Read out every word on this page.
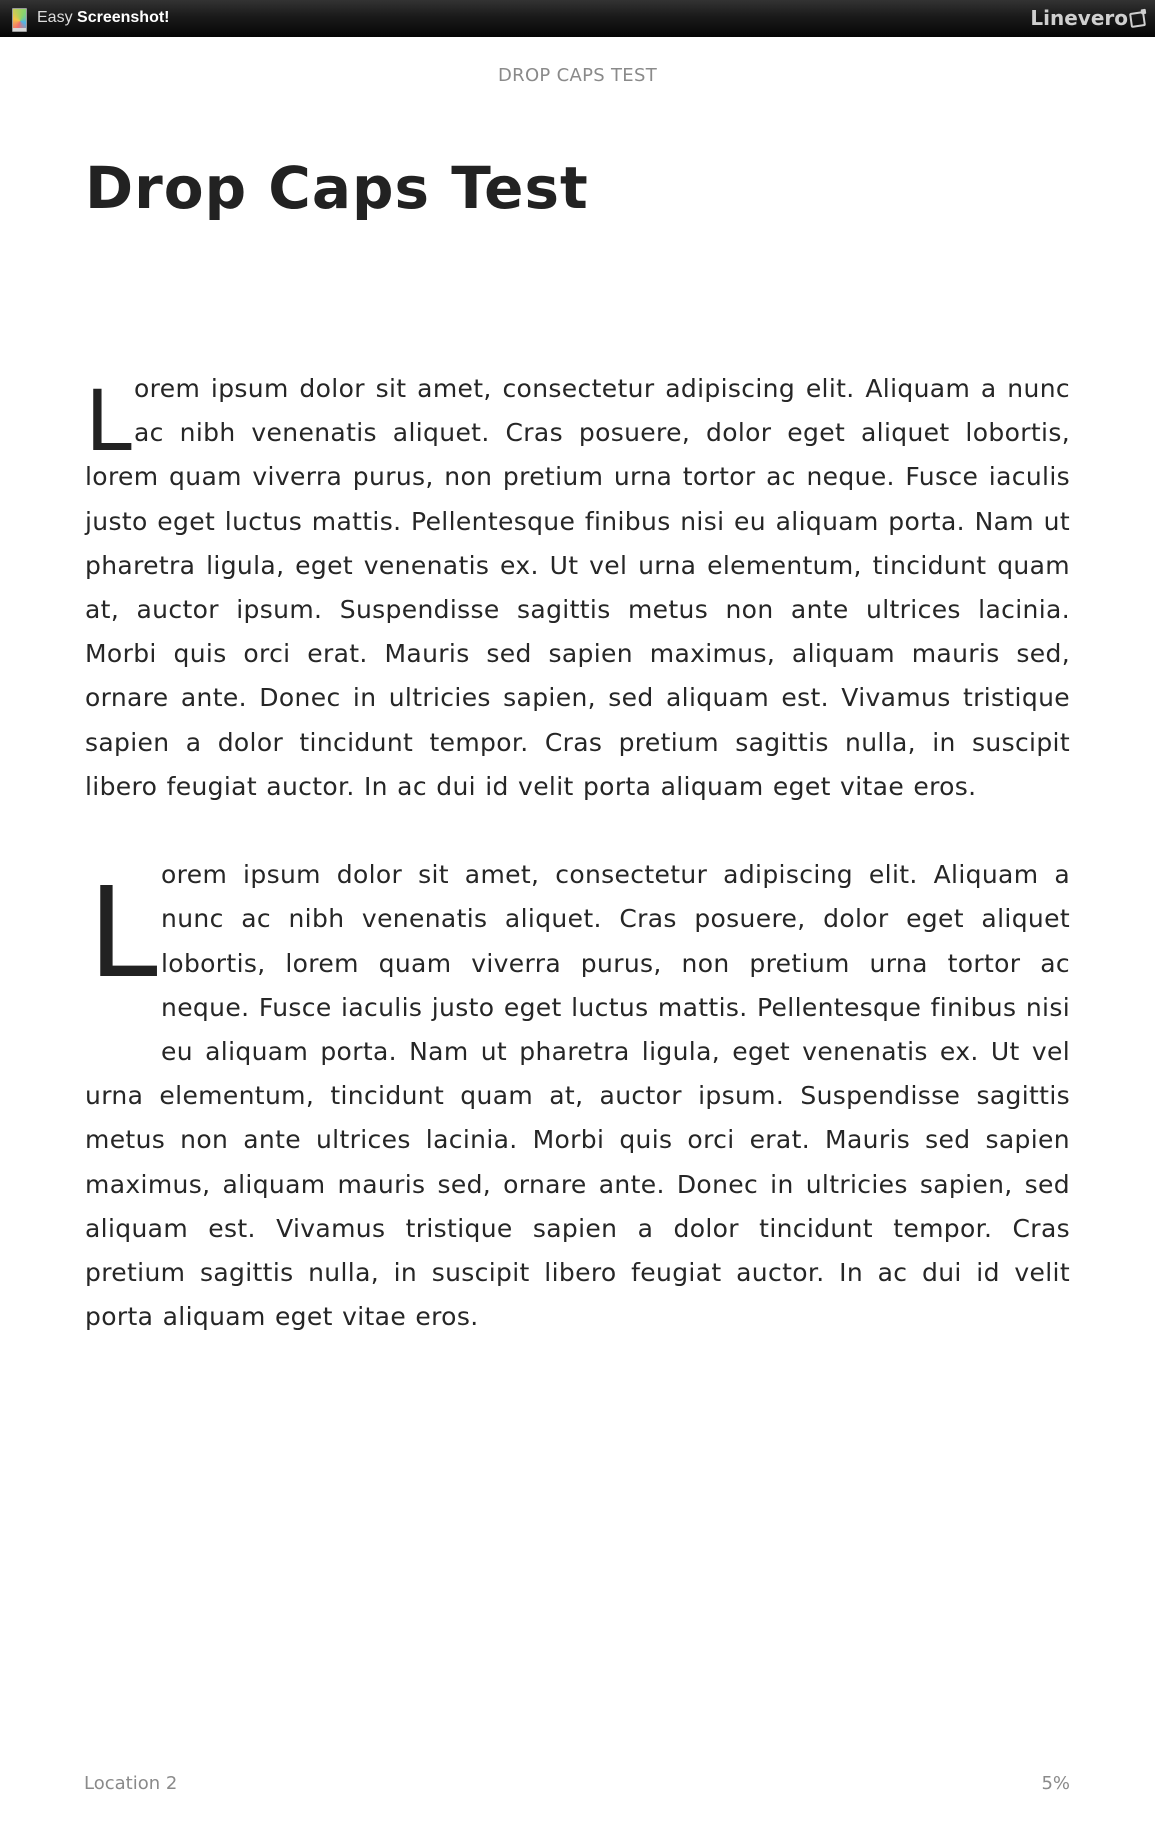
Easy Screenshot!	Linevero
DROP CAPS TEST
Drop Caps Test

L orem ipsum dolor sit amet, consectetur adipiscing elit. Aliquam a nunc ac nibh venenatis aliquet. Cras posuere, dolor eget aliquet lobortis, lorem quam viverra purus, non pretium urna tortor ac neque. Fusce iaculis justo eget luctus mattis. Pellentesque finibus nisi eu aliquam porta. Nam ut pharetra ligula, eget venenatis ex. Ut vel urna elementum, tincidunt quam at, auctor ipsum. Suspendisse sagittis metus non ante ultrices lacinia. Morbi quis orci erat. Mauris sed sapien maximus, aliquam mauris sed, ornare ante. Donec in ultricies sapien, sed aliquam est. Vivamus tristique sapien a dolor tincidunt tempor. Cras pretium sagittis nulla, in suscipit libero feugiat auctor. In ac dui id velit porta aliquam eget vitae eros.

L orem ipsum dolor sit amet, consectetur adipiscing elit. Aliquam a nunc ac nibh venenatis aliquet. Cras posuere, dolor eget aliquet lobortis, lorem quam viverra purus, non pretium urna tortor ac neque. Fusce iaculis justo eget luctus mattis. Pellentesque finibus nisi eu aliquam porta. Nam ut pharetra ligula, eget venenatis ex. Ut vel urna elementum, tincidunt quam at, auctor ipsum. Suspendisse sagittis metus non ante ultrices lacinia. Morbi quis orci erat. Mauris sed sapien maximus, aliquam mauris sed, ornare ante. Donec in ultricies sapien, sed aliquam est. Vivamus tristique sapien a dolor tincidunt tempor. Cras pretium sagittis nulla, in suscipit libero feugiat auctor. In ac dui id velit porta aliquam eget vitae eros.

Location 2	5%
